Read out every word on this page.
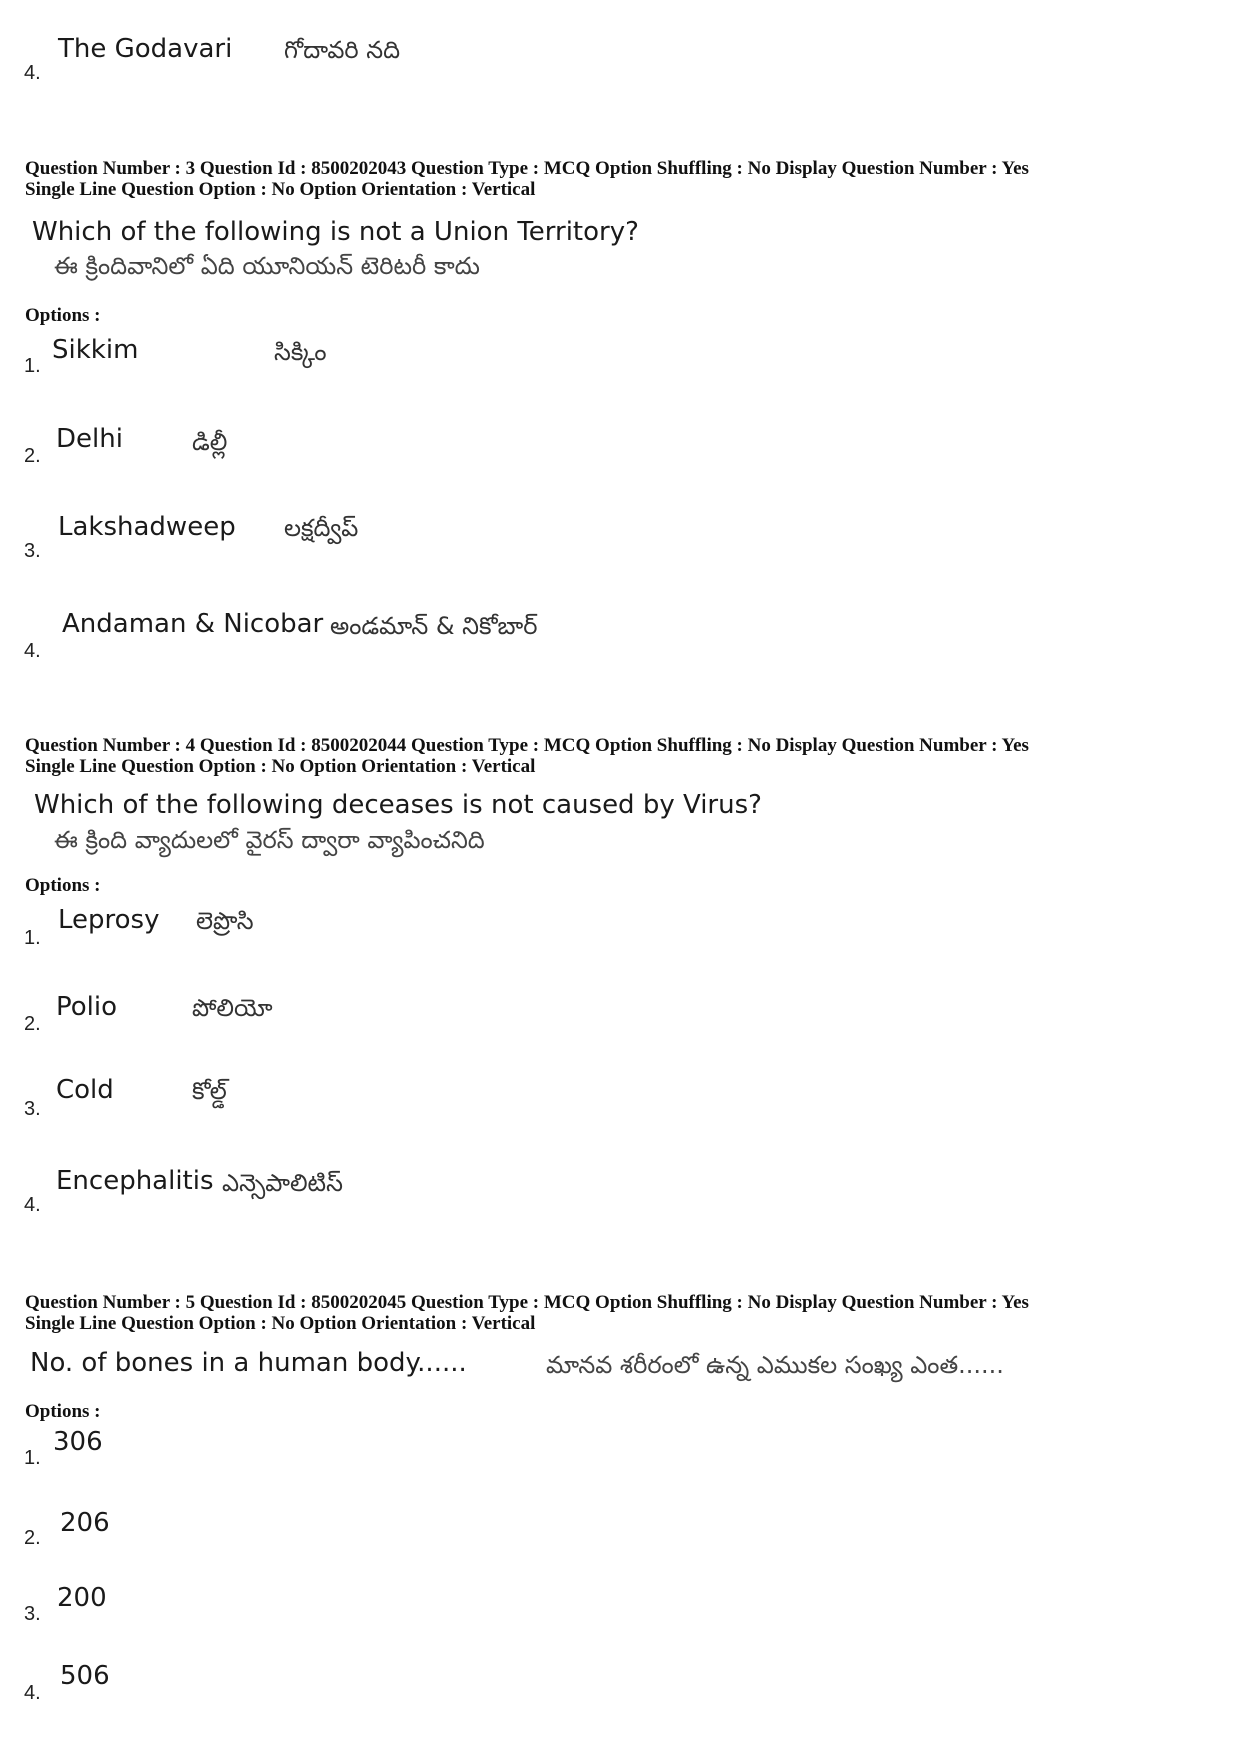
4.
The Godavari గోదావరి నది
Question Number : 3 Question Id : 8500202043 Question Type : MCQ Option Shuffling : No Display Question Number : Yes
Single Line Question Option : No Option Orientation : Vertical
Which of the following is not a Union Territory?
ఈ క్రిందివానిలో ఏది యూనియన్ టెరిటరీ కాదు
Options :
1.
Sikkim	సిక్కిం
2.
Delhi	డిల్లీ
3.
Lakshadweep లక్షద్వీప్
4.
Andaman & Nicobar అండమాన్ & నికోబార్
Question Number : 4 Question Id : 8500202044 Question Type : MCQ Option Shuffling : No Display Question Number : Yes
Single Line Question Option : No Option Orientation : Vertical
Which of the following deceases is not caused by Virus?
ఈ క్రింది వ్యాదులలో వైరస్ ద్వారా వ్యాపించనిది
Options :
1.
Leprosy లెప్రొసి
2.
Polio	పోలియో
3.
Cold	కోల్డ్
4.
Encephalitis ఎన్సెపాలిటిస్
Question Number : 5 Question Id : 8500202045 Question Type : MCQ Option Shuffling : No Display Question Number : Yes
Single Line Question Option : No Option Orientation : Vertical
No. of bones in a human body......	మానవ శరీరంలో ఉన్న ఎముకల సంఖ్య ఎంత......
Options :
1.
306
2. 206
3.
200
4.
506
